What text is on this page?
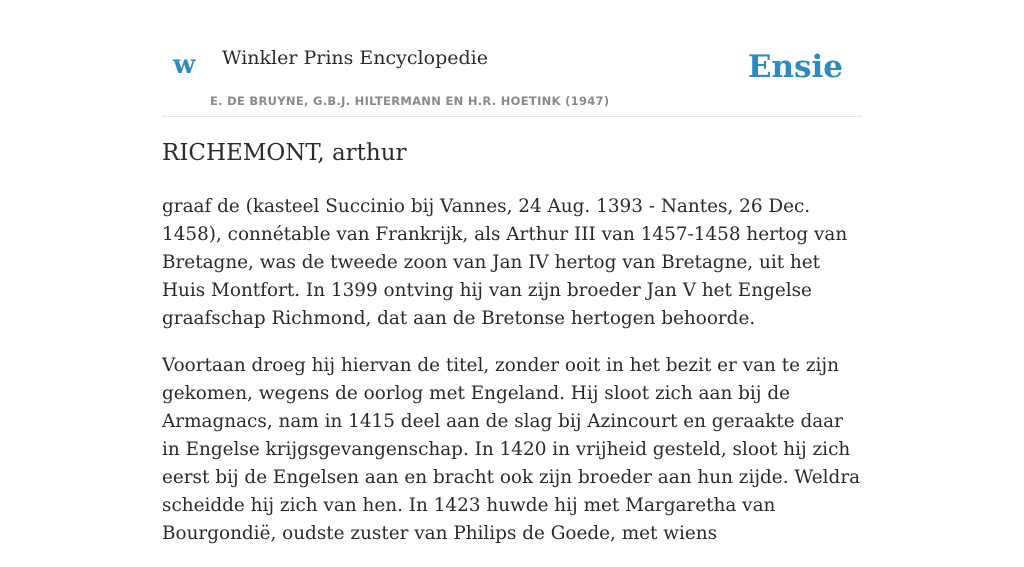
w Winkler Prins Encyclopedie
E. DE BRUYNE, G.B.J. HILTERMANN EN H.R. HOETINK (1947)
Ensie
RICHEMONT, arthur

graaf de (kasteel Succinio bij Vannes, 24 Aug. 1393 - Nantes, 26 Dec. 1458), connétable van Frankrijk, als Arthur III van 1457-1458 hertog van Bretagne, was de tweede zoon van Jan IV hertog van Bretagne, uit het Huis Montfort. In 1399 ontving hij van zijn broeder Jan V het Engelse graafschap Richmond, dat aan de Bretonse hertogen behoorde.

Voortaan droeg hij hiervan de titel, zonder ooit in het bezit er van te zijn gekomen, wegens de oorlog met Engeland. Hij sloot zich aan bij de Armagnacs, nam in 1415 deel aan de slag bij Azincourt en geraakte daar in Engelse krijgsgevangenschap. In 1420 in vrijheid gesteld, sloot hij zich eerst bij de Engelsen aan en bracht ook zijn broeder aan hun zijde. Weldra scheidde hij zich van hen. In 1423 huwde hij met Margaretha van Bourgondië, oudste zuster van Philips de Goede, met wiens
